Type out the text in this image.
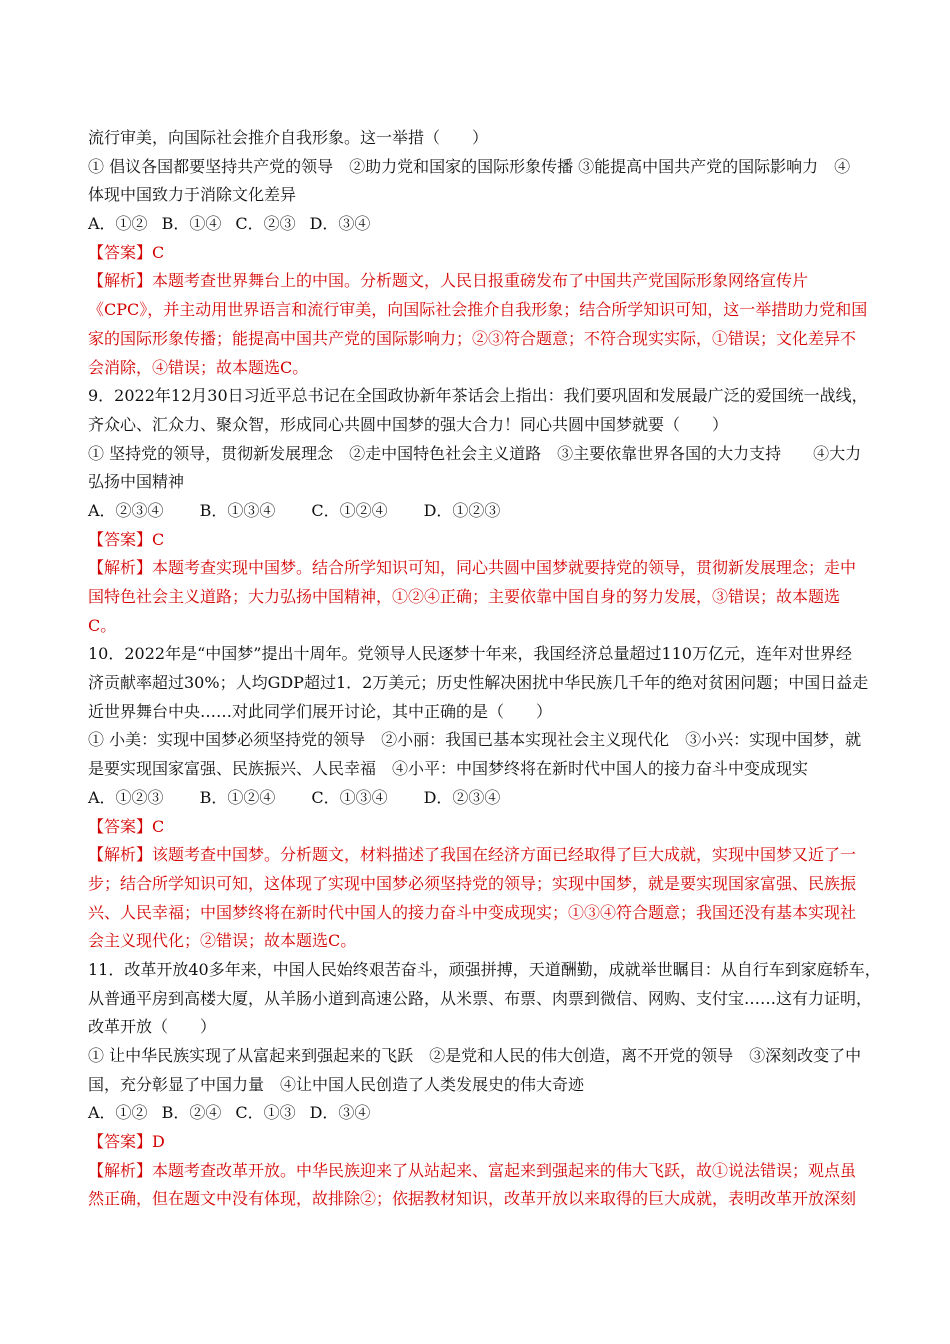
流行审美，向国际社会推介自我形象。这一举措（　　）
① 倡议各国都要坚持共产党的领导　②助力党和国家的国际形象传播 ③能提高中国共产党的国际影响力　④
体现中国致力于消除文化差异
A．①② B．①④ C．②③ D．③④
【答案】C
【解析】本题考查世界舞台上的中国。分析题文，人民日报重磅发布了中国共产党国际形象网络宣传片
《CPC》，并主动用世界语言和流行审美，向国际社会推介自我形象；结合所学知识可知，这一举措助力党和国
家的国际形象传播；能提高中国共产党的国际影响力；②③符合题意；不符合现实实际，①错误；文化差异不
会消除，④错误；故本题选C。
9．2022年12月30日习近平总书记在全国政协新年茶话会上指出：我们要巩固和发展最广泛的爱国统一战线，
齐众心、汇众力、聚众智，形成同心共圆中国梦的强大合力！同心共圆中国梦就要（　　）
① 坚持党的领导，贯彻新发展理念　②走中国特色社会主义道路　③主要依靠世界各国的大力支持　　④大力
弘扬中国精神
A．②③④ B．①③④ C．①②④ D．①②③
【答案】C
【解析】本题考查实现中国梦。结合所学知识可知，同心共圆中国梦就要持党的领导，贯彻新发展理念；走中
国特色社会主义道路；大力弘扬中国精神，①②④正确；主要依靠中国自身的努力发展，③错误；故本题选
C。
10．2022年是“中国梦”提出十周年。党领导人民逐梦十年来，我国经济总量超过110万亿元，连年对世界经
济贡献率超过30%；人均GDP超过1．2万美元；历史性解决困扰中华民族几千年的绝对贫困问题；中国日益走
近世界舞台中央……对此同学们展开讨论，其中正确的是（　　）
① 小美：实现中国梦必须坚持党的领导　②小丽：我国已基本实现社会主义现代化　③小兴：实现中国梦，就
是要实现国家富强、民族振兴、人民幸福　④小平：中国梦终将在新时代中国人的接力奋斗中变成现实
A．①②③ B．①②④ C．①③④ D．②③④
【答案】C
【解析】该题考查中国梦。分析题文，材料描述了我国在经济方面已经取得了巨大成就，实现中国梦又近了一
步；结合所学知识可知，这体现了实现中国梦必须坚持党的领导；实现中国梦，就是要实现国家富强、民族振
兴、人民幸福；中国梦终将在新时代中国人的接力奋斗中变成现实；①③④符合题意；我国还没有基本实现社
会主义现代化；②错误；故本题选C。
11．改革开放40多年来，中国人民始终艰苦奋斗，顽强拼搏，天道酬勤，成就举世瞩目：从自行车到家庭轿车，
从普通平房到高楼大厦，从羊肠小道到高速公路，从米票、布票、肉票到微信、网购、支付宝……这有力证明，
改革开放（　　）
① 让中华民族实现了从富起来到强起来的飞跃　②是党和人民的伟大创造，离不开党的领导　③深刻改变了中
国，充分彰显了中国力量　④让中国人民创造了人类发展史的伟大奇迹
A．①② B．②④ C．①③ D．③④
【答案】D
【解析】本题考查改革开放。中华民族迎来了从站起来、富起来到强起来的伟大飞跃，故①说法错误；观点虽
然正确，但在题文中没有体现，故排除②；依据教材知识，改革开放以来取得的巨大成就，表明改革开放深刻
